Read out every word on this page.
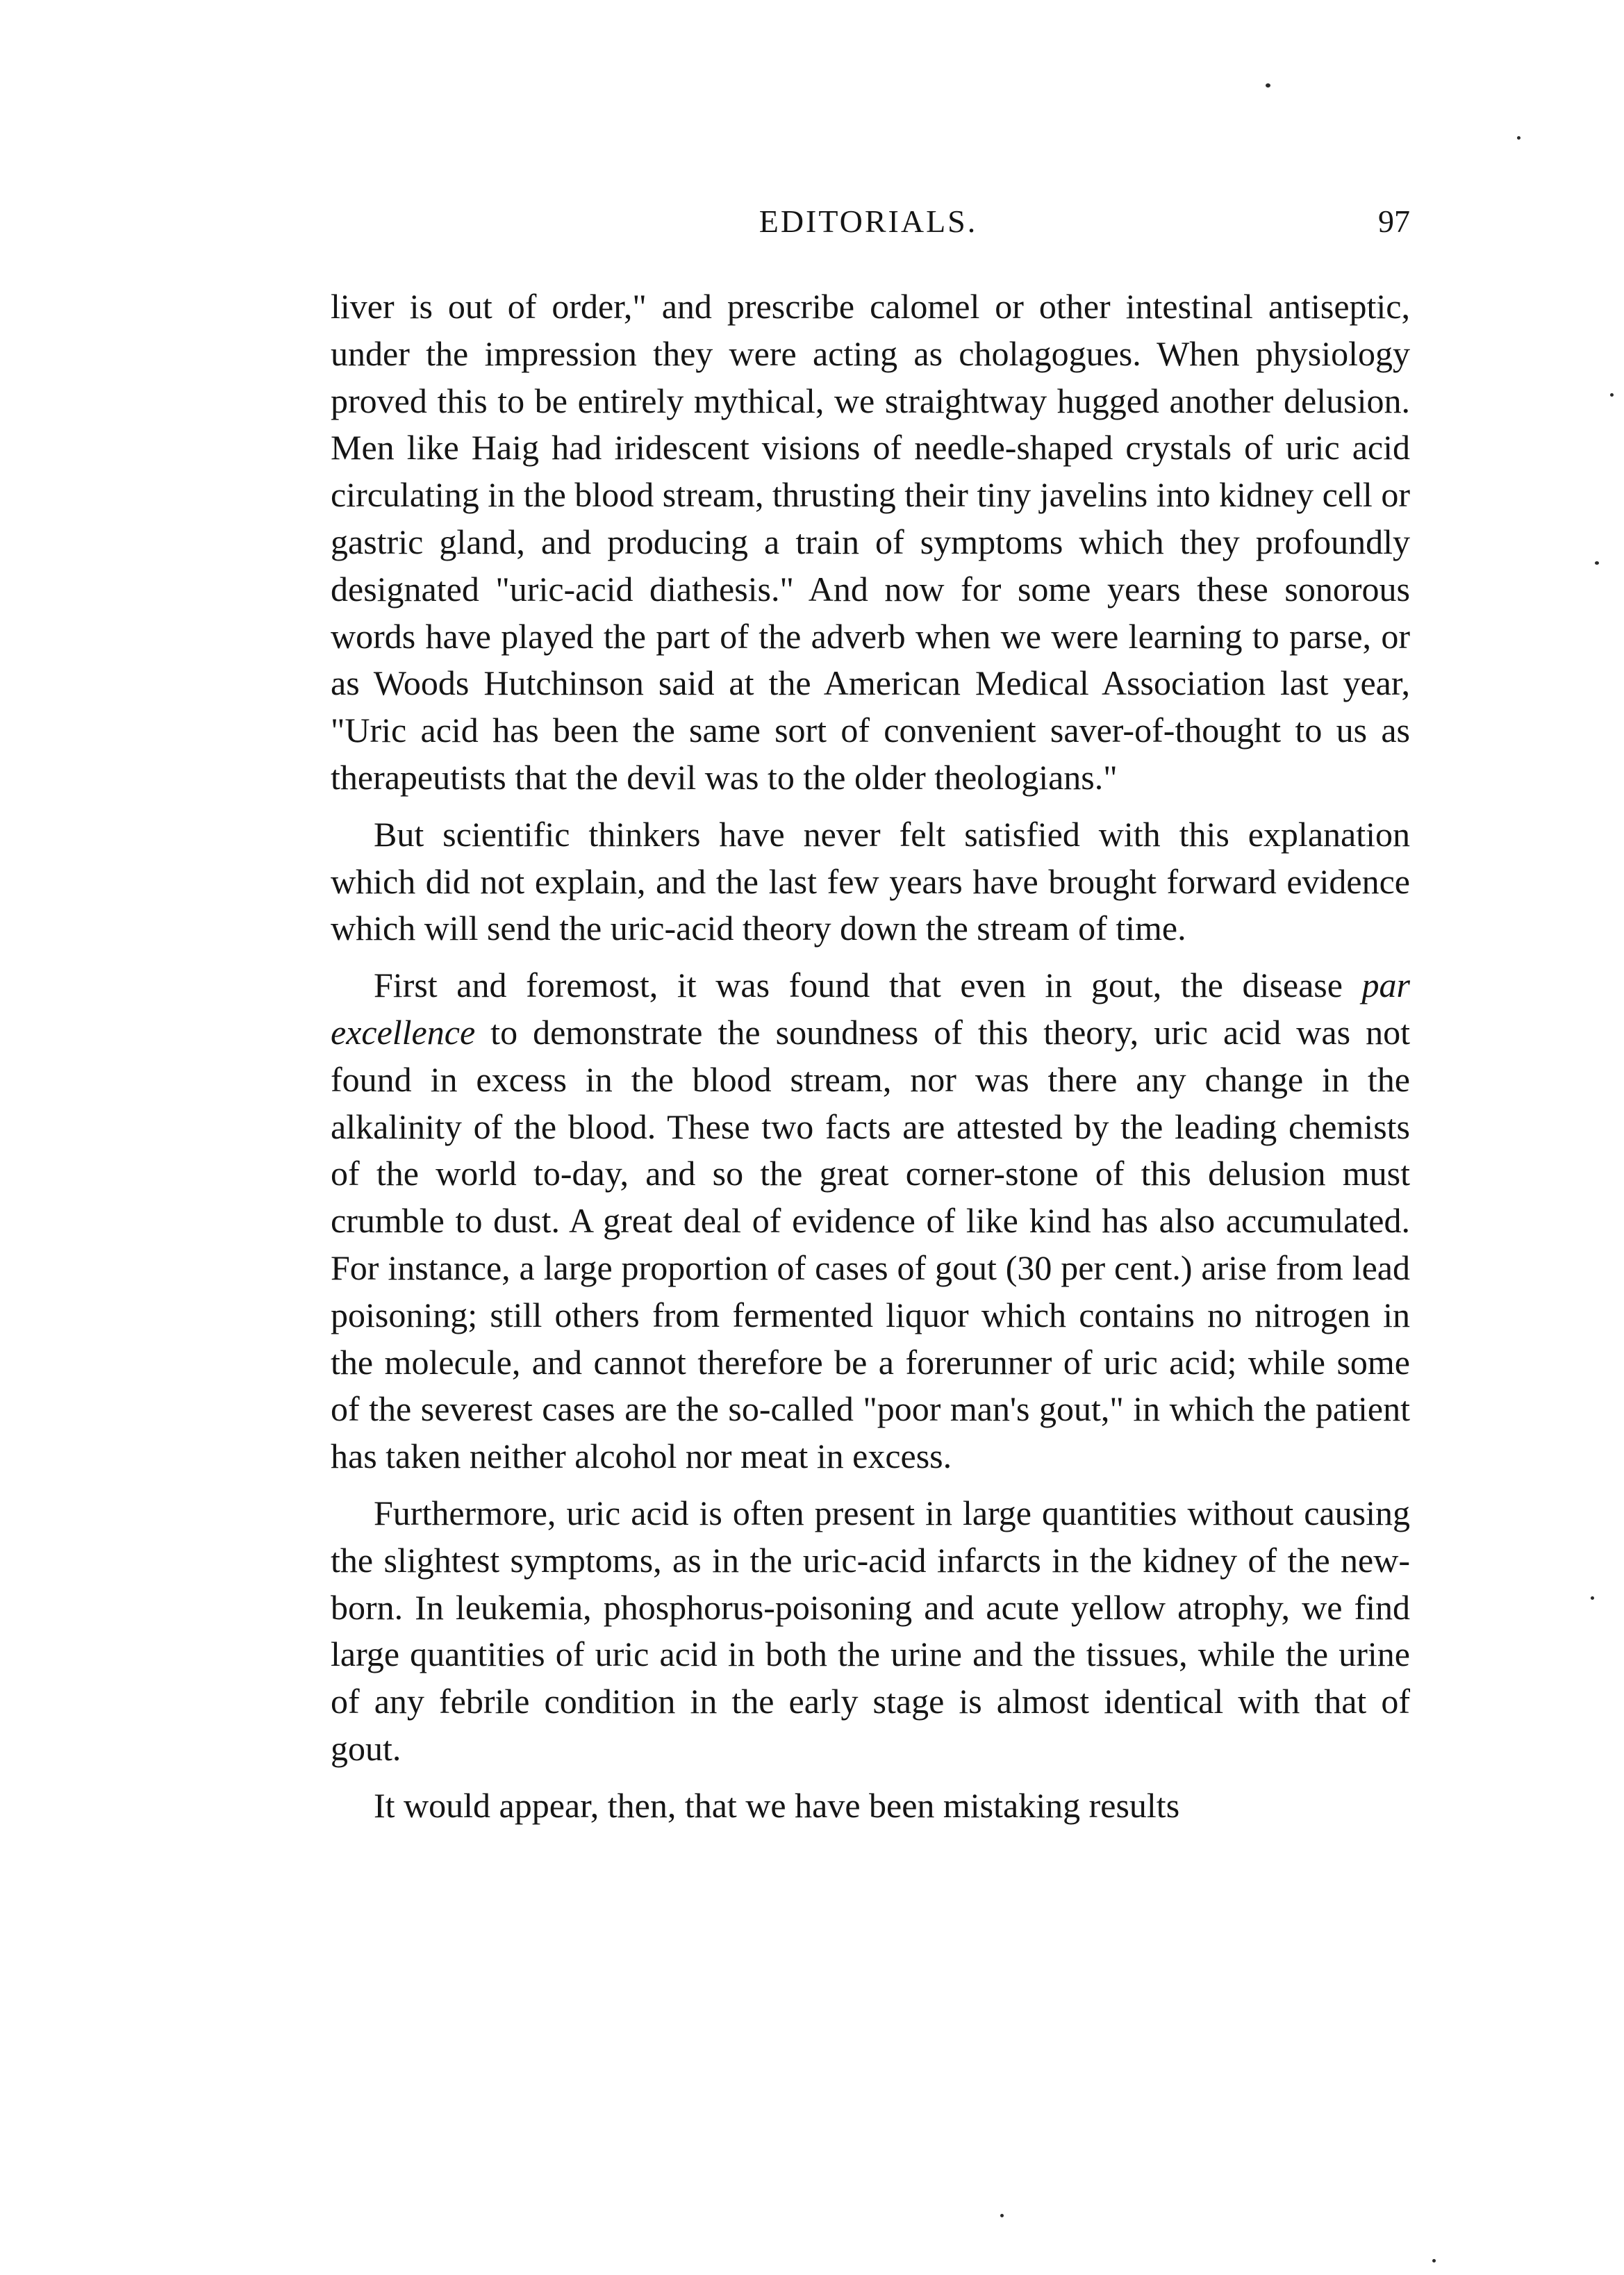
EDITORIALS.	97

liver is out of order," and prescribe calomel or other intestinal antiseptic, under the impression they were acting as cholagogues. When physiology proved this to be entirely mythical, we straightway hugged another delusion. Men like Haig had iridescent visions of needle-shaped crystals of uric acid circulating in the blood stream, thrusting their tiny javelins into kidney cell or gastric gland, and producing a train of symptoms which they profoundly designated "uric-acid diathesis." And now for some years these sonorous words have played the part of the adverb when we were learning to parse, or as Woods Hutchinson said at the American Medical Association last year, "Uric acid has been the same sort of convenient saver-of-thought to us as therapeutists that the devil was to the older theologians."

But scientific thinkers have never felt satisfied with this explanation which did not explain, and the last few years have brought forward evidence which will send the uric-acid theory down the stream of time.

First and foremost, it was found that even in gout, the disease par excellence to demonstrate the soundness of this theory, uric acid was not found in excess in the blood stream, nor was there any change in the alkalinity of the blood. These two facts are attested by the leading chemists of the world to-day, and so the great corner-stone of this delusion must crumble to dust. A great deal of evidence of like kind has also accumulated. For instance, a large proportion of cases of gout (30 per cent.) arise from lead poisoning; still others from fermented liquor which contains no nitrogen in the molecule, and cannot therefore be a forerunner of uric acid; while some of the severest cases are the so-called "poor man's gout," in which the patient has taken neither alcohol nor meat in excess.

Furthermore, uric acid is often present in large quantities without causing the slightest symptoms, as in the uric-acid infarcts in the kidney of the new-born. In leukemia, phosphorus-poisoning and acute yellow atrophy, we find large quantities of uric acid in both the urine and the tissues, while the urine of any febrile condition in the early stage is almost identical with that of gout.

It would appear, then, that we have been mistaking results
